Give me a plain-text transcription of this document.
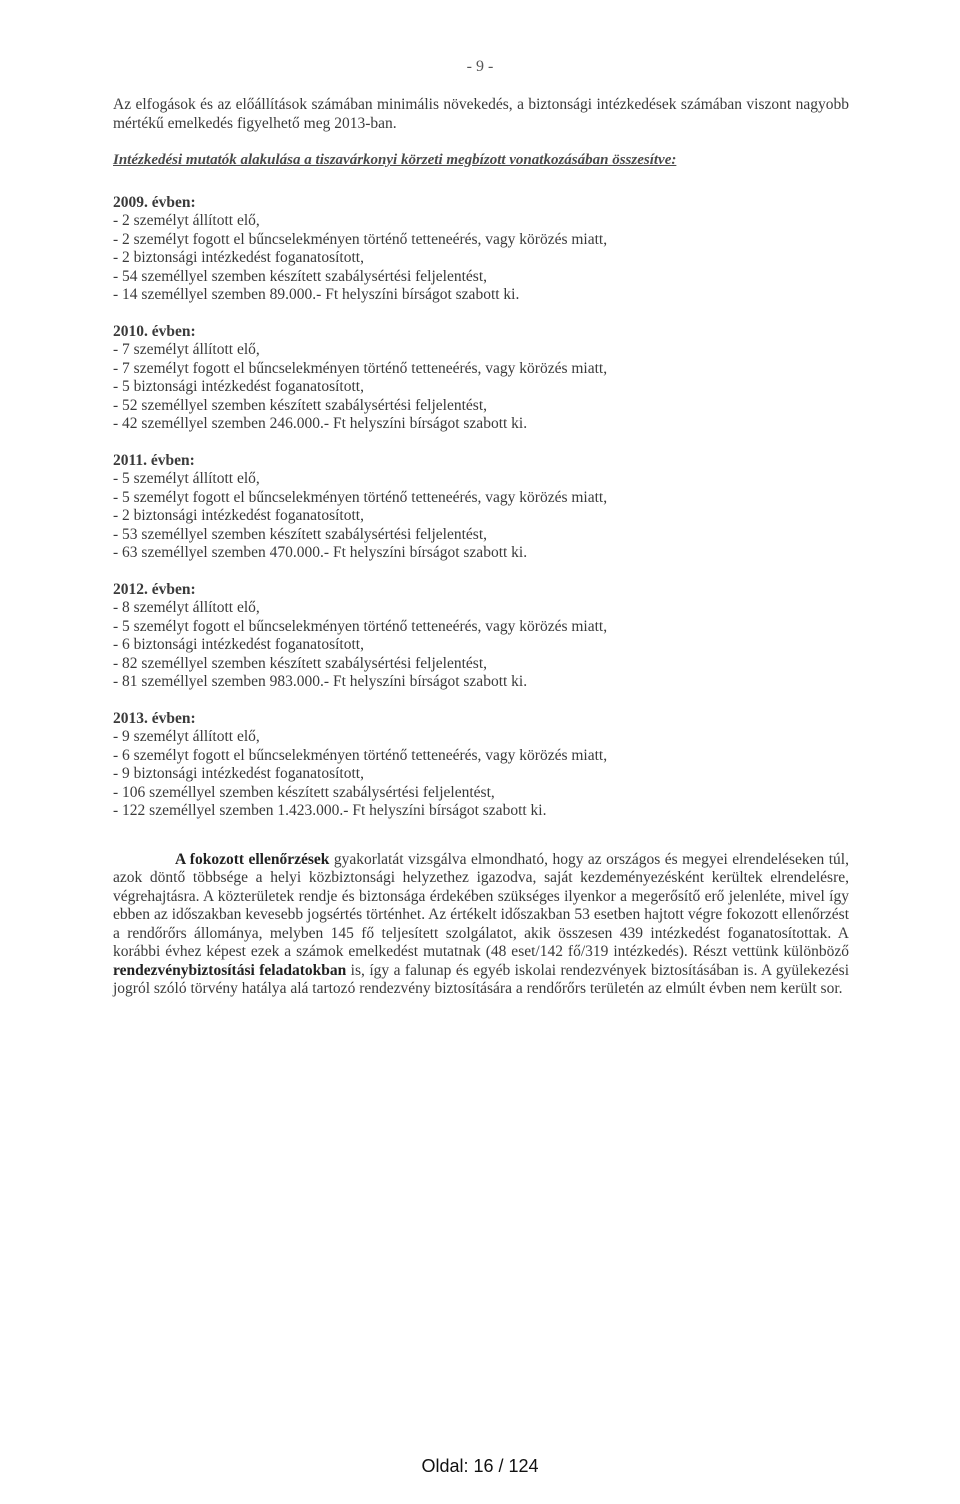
- 9 -

Az elfogások és az előállítások számában minimális növekedés, a biztonsági intézkedések számában viszont nagyobb mértékű emelkedés figyelhető meg 2013-ban.

Intézkedési mutatók alakulása a tiszavárkonyi körzeti megbízott vonatkozásában összesítve:

2009. évben:

- 2 személyt állított elő,
- 2 személyt fogott el bűncselekményen történő tetteneérés, vagy körözés miatt,
- 2 biztonsági intézkedést foganatosított,
- 54 személlyel szemben készített szabálysértési feljelentést,
- 14 személlyel szemben 89.000.- Ft helyszíni bírságot szabott ki.

2010. évben:

- 7 személyt állított elő,
- 7 személyt fogott el bűncselekményen történő tetteneérés, vagy körözés miatt,
- 5 biztonsági intézkedést foganatosított,
- 52 személlyel szemben készített szabálysértési feljelentést,
- 42 személlyel szemben 246.000.- Ft helyszíni bírságot szabott ki.

2011. évben:

- 5 személyt állított elő,
- 5 személyt fogott el bűncselekményen történő tetteneérés, vagy körözés miatt,
- 2 biztonsági intézkedést foganatosított,
- 53 személlyel szemben készített szabálysértési feljelentést,
- 63 személlyel szemben 470.000.- Ft helyszíni bírságot szabott ki.

2012. évben:

- 8 személyt állított elő,
- 5 személyt fogott el bűncselekményen történő tetteneérés, vagy körözés miatt,
- 6 biztonsági intézkedést foganatosított,
- 82 személlyel szemben készített szabálysértési feljelentést,
- 81 személlyel szemben 983.000.- Ft helyszíni bírságot szabott ki.

2013. évben:

- 9 személyt állított elő,
- 6 személyt fogott el bűncselekményen történő tetteneérés, vagy körözés miatt,
- 9 biztonsági intézkedést foganatosított,
- 106 személlyel szemben készített szabálysértési feljelentést,
- 122 személlyel szemben 1.423.000.- Ft helyszíni bírságot szabott ki.

A fokozott ellenőrzések gyakorlatát vizsgálva elmondható, hogy az országos és megyei elrendeléseken túl, azok döntő többsége a helyi közbiztonsági helyzethez igazodva, saját kezdeményezésként kerültek elrendelésre, végrehajtásra. A közterületek rendje és biztonsága érdekében szükséges ilyenkor a megerősítő erő jelenléte, mivel így ebben az időszakban kevesebb jogsértés történhet. Az értékelt időszakban 53 esetben hajtott végre fokozott ellenőrzést a rendőrőrs állománya, melyben 145 fő teljesített szolgálatot, akik összesen 439 intézkedést foganatosítottak. A korábbi évhez képest ezek a számok emelkedést mutatnak (48 eset/142 fő/319 intézkedés). Részt vettünk különböző rendezvénybiztosítási feladatokban is, így a falunap és egyéb iskolai rendezvények biztosításában is. A gyülekezési jogról szóló törvény hatálya alá tartozó rendezvény biztosítására a rendőrőrs területén az elmúlt évben nem került sor.

Oldal: 16 / 124
